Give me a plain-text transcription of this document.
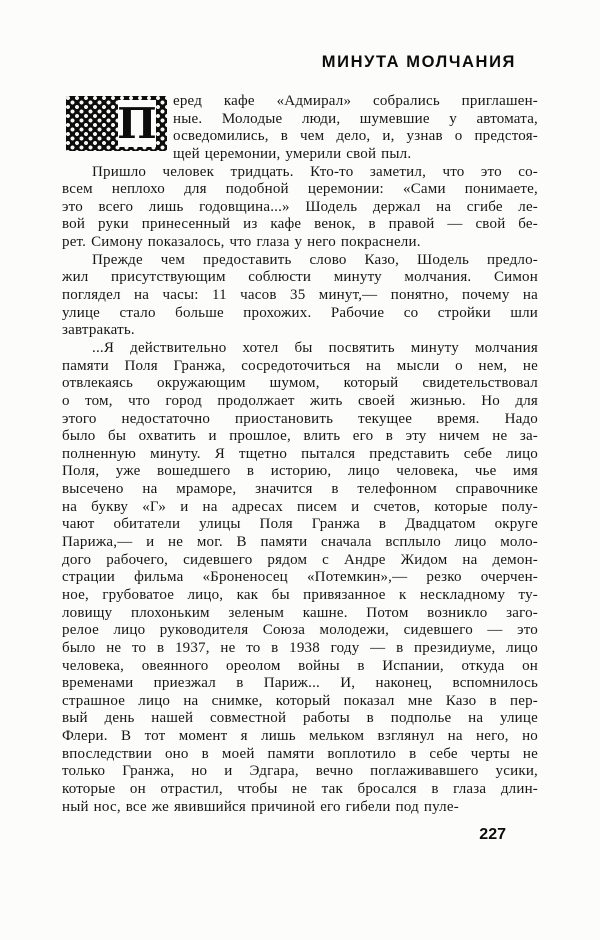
МИНУТА МОЛЧАНИЯ
П еред кафе «Адмирал» собрались приглашен-
ные. Молодые люди, шумевшие у автомата,
осведомились, в чем дело, и, узнав о предстоя-
щей церемонии, умерили свой пыл.
Пришло человек тридцать. Кто-то заметил, что это со-
всем неплохо для подобной церемонии: «Сами понимаете,
это всего лишь годовщина...» Шодель держал на сгибе ле-
вой руки принесенный из кафе венок, в правой — свой бе-
рет. Симону показалось, что глаза у него покраснели.
Прежде чем предоставить слово Казо, Шодель предло-
жил присутствующим соблюсти минуту молчания. Симон
поглядел на часы: 11 часов 35 минут,— понятно, почему на
улице стало больше прохожих. Рабочие со стройки шли
завтракать.
...Я действительно хотел бы посвятить минуту молчания
памяти Поля Гранжа, сосредоточиться на мысли о нем, не
отвлекаясь окружающим шумом, который свидетельствовал
о том, что город продолжает жить своей жизнью. Но для
этого недостаточно приостановить текущее время. Надо
было бы охватить и прошлое, влить его в эту ничем не за-
полненную минуту. Я тщетно пытался представить себе лицо
Поля, уже вошедшего в историю, лицо человека, чье имя
высечено на мраморе, значится в телефонном справочнике
на букву «Г» и на адресах писем и счетов, которые полу-
чают обитатели улицы Поля Гранжа в Двадцатом округе
Парижа,— и не мог. В памяти сначала всплыло лицо моло-
дого рабочего, сидевшего рядом с Андре Жидом на демон-
страции фильма «Броненосец «Потемкин»,— резко очерчен-
ное, грубоватое лицо, как бы привязанное к нескладному ту-
ловищу плохоньким зеленым кашне. Потом возникло заго-
релое лицо руководителя Союза молодежи, сидевшего — это
было не то в 1937, не то в 1938 году — в президиуме, лицо
человека, овеянного ореолом войны в Испании, откуда он
временами приезжал в Париж... И, наконец, вспомнилось
страшное лицо на снимке, который показал мне Казо в пер-
вый день нашей совместной работы в подполье на улице
Флери. В тот момент я лишь мельком взглянул на него, но
впоследствии оно в моей памяти воплотило в себе черты не
только Гранжа, но и Эдгара, вечно поглаживавшего усики,
которые он отрастил, чтобы не так бросался в глаза длин-
ный нос, все же явившийся причиной его гибели под пуле-
227
